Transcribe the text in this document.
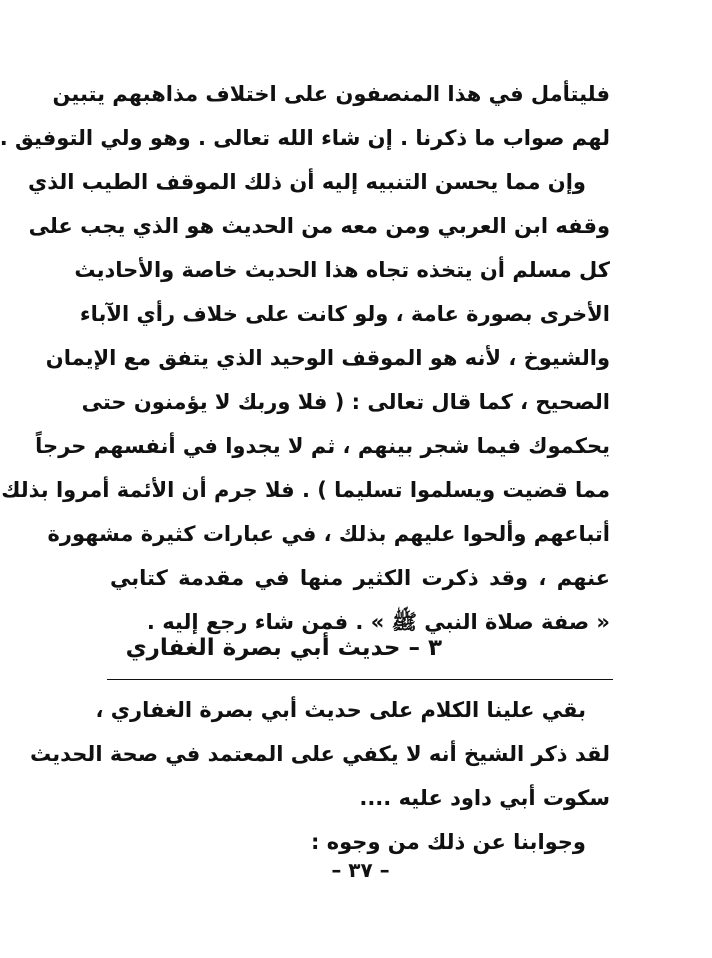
فليتأمل في هذا المنصفون على اختلاف مذاهبهم يتبين
لهم صواب ما ذكرنا . إن شاء الله تعالى . وهو ولي التوفيق .
وإن مما يحسن التنبيه إليه أن ذلك الموقف الطيب الذي
وقفه ابن العربي ومن معه من الحديث هو الذي يجب على
كل مسلم أن يتخذه تجاه هذا الحديث خاصة والأحاديث
الأخرى بصورة عامة ، ولو كانت على خلاف رأي الآباء
والشيوخ ، لأنه هو الموقف الوحيد الذي يتفق مع الإيمان
الصحيح ، كما قال تعالى : ( فلا وربك لا يؤمنون حتى
يحكموك فيما شجر بينهم ، ثم لا يجدوا في أنفسهم حرجاً
مما قضيت ويسلموا تسليما ) . فلا جرم أن الأئمة أمروا بذلك
أتباعهم وألحوا عليهم بذلك ، في عبارات كثيرة مشهورة
عنهم ، وقد ذكرت الكثير منها في مقدمة كتابي
« صفة صلاة النبي ﷺ » . فمن شاء رجع إليه .
٣ – حديث أبي بصرة الغفاري
بقي علينا الكلام على حديث أبي بصرة الغفاري ،
لقد ذكر الشيخ أنه لا يكفي على المعتمد في صحة الحديث
سكوت أبي داود عليه ....
وجوابنا عن ذلك من وجوه :
– ٣٧ –
